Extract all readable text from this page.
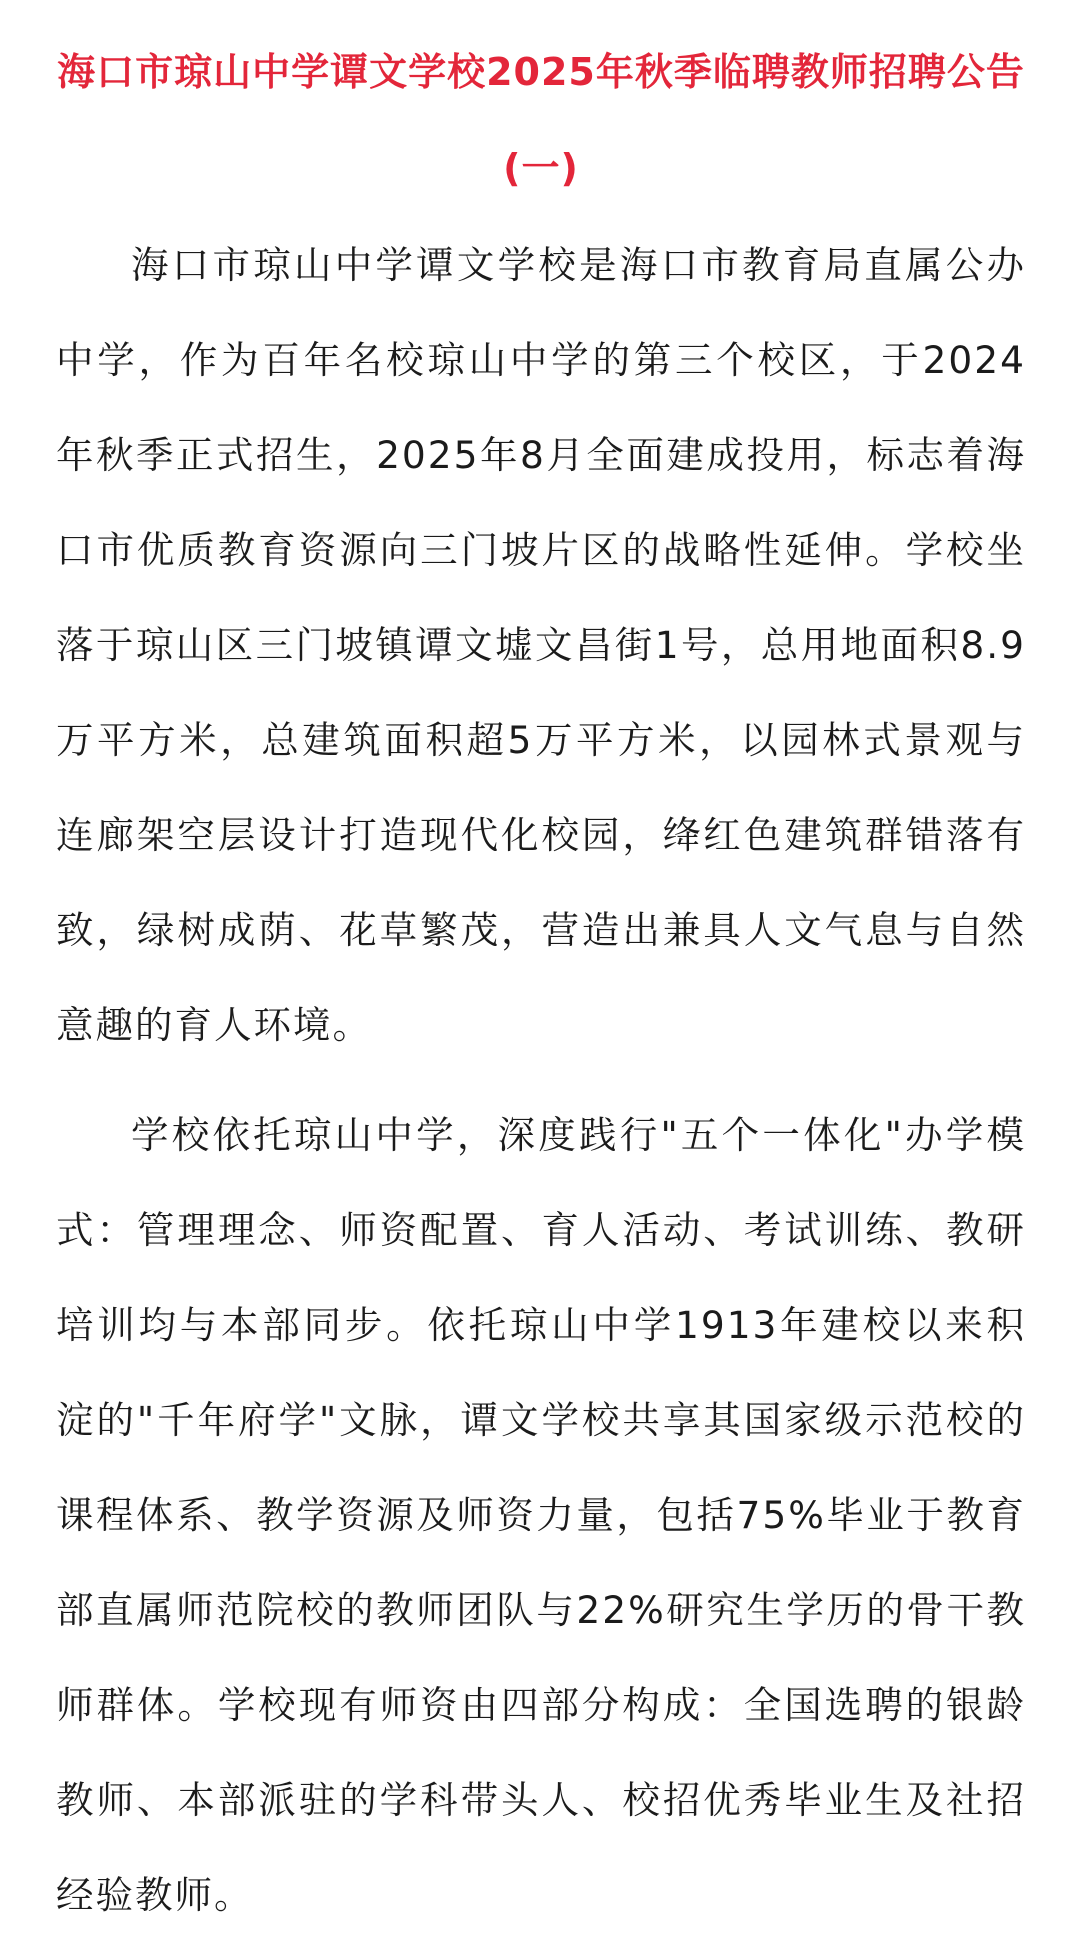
海口市琼山中学谭文学校2025年秋季临聘教师招聘公告(一)

海口市琼山中学谭文学校是海口市教育局直属公办中学，作为百年名校琼山中学的第三个校区，于2024年秋季正式招生，2025年8月全面建成投用，标志着海口市优质教育资源向三门坡片区的战略性延伸。学校坐落于琼山区三门坡镇谭文墟文昌街1号，总用地面积8.9万平方米，总建筑面积超5万平方米，以园林式景观与连廊架空层设计打造现代化校园，绛红色建筑群错落有致，绿树成荫、花草繁茂，营造出兼具人文气息与自然意趣的育人环境。

学校依托琼山中学，深度践行"五个一体化"办学模式：管理理念、师资配置、育人活动、考试训练、教研培训均与本部同步。依托琼山中学1913年建校以来积淀的"千年府学"文脉，谭文学校共享其国家级示范校的课程体系、教学资源及师资力量，包括75%毕业于教育部直属师范院校的教师团队与22%研究生学历的骨干教师群体。学校现有师资由四部分构成：全国选聘的银龄教师、本部派驻的学科带头人、校招优秀毕业生及社招经验教师。
